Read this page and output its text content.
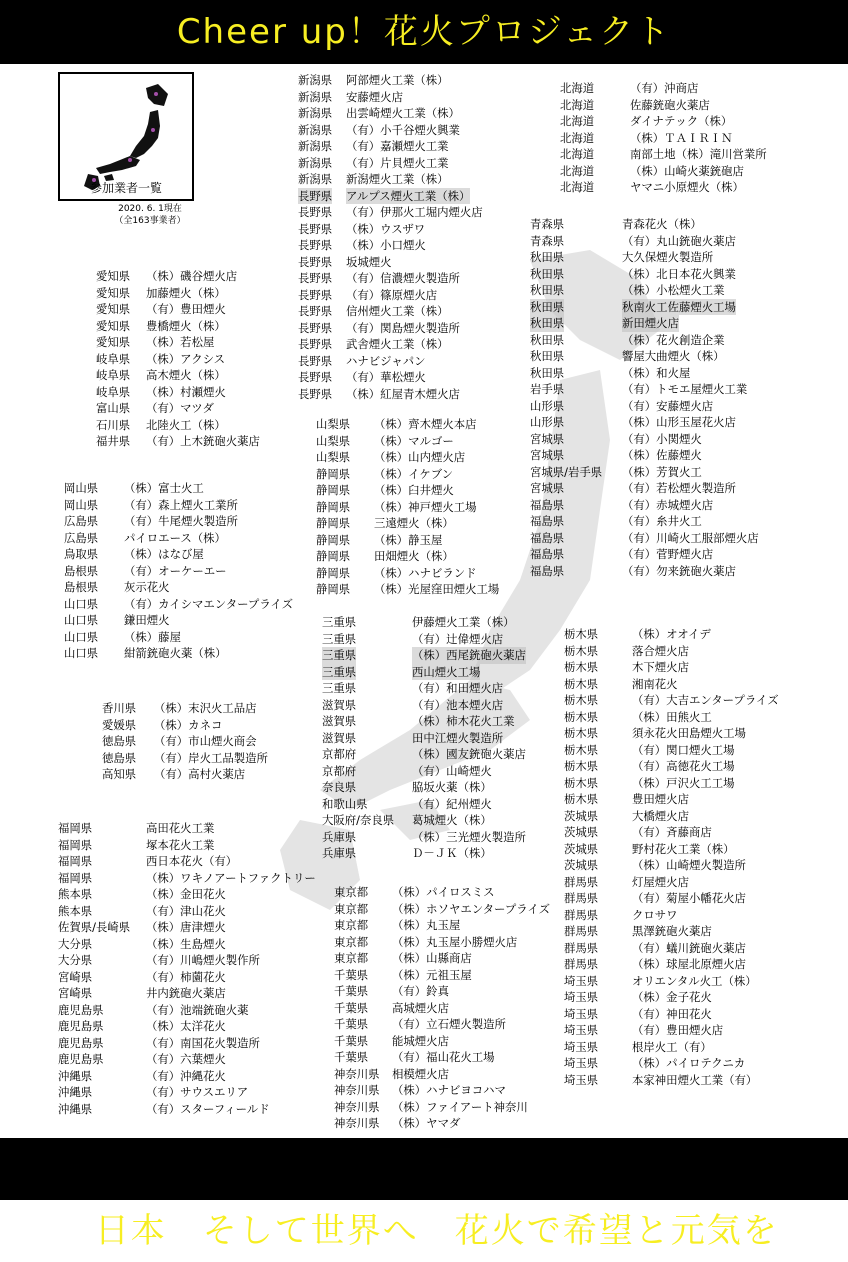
Cheer up！花火プロジェクト
参加業者一覧
2020. 6. 1現在
（全163事業者）
愛知県 （株）磯谷煙火店
愛知県 加藤煙火（株）
愛知県 （有）豊田煙火
愛知県 豊橋煙火（株）
愛知県 （株）若松屋
岐阜県 （株）アクシス
岐阜県 高木煙火（株）
岐阜県 （株）村瀬煙火
富山県 （有）マツダ
石川県 北陸火工（株）
福井県 （有）上木銃砲火薬店
岡山県 （株）富士火工
岡山県 （有）森上煙火工業所
広島県 （有）牛尾煙火製造所
広島県 パイロエース（株）
鳥取県 （株）はなび屋
島根県 （有）オーケーエー
島根県 灰示花火
山口県 （有）カイシマエンタープライズ
山口県 鎌田煙火
山口県 （株）藤屋
山口県 紺箭銃砲火薬（株）
香川県 （株）末沢火工品店
愛媛県 （株）カネコ
徳島県 （有）市山煙火商会
徳島県 （有）岸火工品製造所
高知県 （有）高村火薬店
福岡県	高田花火工業
福岡県	塚本花火工業
福岡県	西日本花火（有）
福岡県	（株）ワキノアートファクトリー
熊本県	（株）金田花火
熊本県	（有）津山花火
佐賀県/長崎県 （株）唐津煙火
大分県	（株）生島煙火
大分県	（有）川嶋煙火製作所
宮崎県	（有）柿薗花火
宮崎県	井内銃砲火薬店
鹿児島県	（有）池端銃砲火薬
鹿児島県	（株）太洋花火
鹿児島県	（有）南国花火製造所
鹿児島県	（有）六葉煙火
沖縄県	（有）沖縄花火
沖縄県	（有）サウスエリア
沖縄県	（有）スターフィールド
新潟県 阿部煙火工業（株）
新潟県 安藤煙火店
新潟県 出雲崎煙火工業（株）
新潟県 （有）小千谷煙火興業
新潟県 （有）嘉瀬煙火工業
新潟県 （有）片貝煙火工業
新潟県 新潟煙火工業（株）
長野県 アルプス煙火工業（株）
長野県 （有）伊那火工堀内煙火店
長野県 （株）ウスザワ
長野県 （株）小口煙火
長野県 坂城煙火
長野県 （有）信濃煙火製造所
長野県 （有）篠原煙火店
長野県 信州煙火工業（株）
長野県 （有）関島煙火製造所
長野県 武舎煙火工業（株）
長野県 ハナビジャパン
長野県 （有）華松煙火
長野県 （株）紅屋青木煙火店
山梨県 （株）齊木煙火本店
山梨県 （株）マルゴー
山梨県 （株）山内煙火店
静岡県 （株）イケブン
静岡県 （株）臼井煙火
静岡県 （株）神戸煙火工場
静岡県 三遠煙火（株）
静岡県 （株）静玉屋
静岡県 田畑煙火（株）
静岡県 （株）ハナビランド
静岡県 （株）光屋窪田煙火工場
三重県	伊藤煙火工業（株）
三重県	（有）辻偉煙火店
三重県	（株）西尾銃砲火薬店
三重県	西山煙火工場
三重県	（有）和田煙火店
滋賀県	（有）池本煙火店
滋賀県	（株）柿木花火工業
滋賀県	田中江煙火製造所
京都府	（株）國友銃砲火薬店
京都府	（有）山崎煙火
奈良県	脇坂火薬（株）
和歌山県	（有）紀州煙火
大阪府/奈良県 葛城煙火（株）
兵庫県	（株）三光煙火製造所
兵庫県	Ｄ－ＪＫ（株）
東京都 （株）パイロスミス
東京都 （株）ホソヤエンタープライズ
東京都 （株）丸玉屋
東京都 （株）丸玉屋小勝煙火店
東京都 （株）山縣商店
千葉県 （株）元祖玉屋
千葉県 （有）鈴真
千葉県 高城煙火店
千葉県 （有）立石煙火製造所
千葉県 能城煙火店
千葉県 （有）福山花火工場
神奈川県 相模煙火店
神奈川県 （株）ハナビヨコハマ
神奈川県 （株）ファイアート神奈川
神奈川県 （株）ヤマダ
北海道	（有）沖商店
北海道	佐藤銃砲火薬店
北海道	ダイナテック（株）
北海道	（株）ＴＡＩＲＩＮ
北海道	南部土地（株）滝川営業所
北海道	（株）山崎火薬銃砲店
北海道	ヤマニ小原煙火（株）
青森県	青森花火（株）
青森県	（有）丸山銃砲火薬店
秋田県	大久保煙火製造所
秋田県	（株）北日本花火興業
秋田県	（株）小松煙火工業
秋田県	秋南火工佐藤煙火工場
秋田県	新田煙火店
秋田県	（株）花火創造企業
秋田県	響屋大曲煙火（株）
秋田県	（株）和火屋
岩手県	（有）トモエ屋煙火工業
山形県	（有）安藤煙火店
山形県	（株）山形玉屋花火店
宮城県	（有）小関煙火
宮城県	（株）佐藤煙火
宮城県/岩手県 （株）芳賀火工
宮城県	（有）若松煙火製造所
福島県	（有）赤城煙火店
福島県	（有）糸井火工
福島県	（有）川崎火工服部煙火店
福島県	（有）菅野煙火店
福島県	（有）勿来銃砲火薬店
栃木県	（株）オオイデ
栃木県	落合煙火店
栃木県	木下煙火店
栃木県	湘南花火
栃木県	（有）大吉エンタープライズ
栃木県	（株）田熊火工
栃木県	須永花火田島煙火工場
栃木県	（有）関口煙火工場
栃木県	（有）高徳花火工場
栃木県	（株）戸沢火工工場
栃木県	豊田煙火店
茨城県	大橋煙火店
茨城県	（有）斉藤商店
茨城県	野村花火工業（株）
茨城県	（株）山崎煙火製造所
群馬県	灯屋煙火店
群馬県	（有）菊屋小幡花火店
群馬県	クロサワ
群馬県	黒澤銃砲火薬店
群馬県	（有）蟻川銃砲火薬店
群馬県	（株）球屋北原煙火店
埼玉県	オリエンタル火工（株）
埼玉県	（株）金子花火
埼玉県	（有）神田花火
埼玉県	（有）豊田煙火店
埼玉県	根岸火工（有）
埼玉県	（株）パイロテクニカ
埼玉県	本家神田煙火工業（有）

日本　そして世界へ　花火で希望と元気を
